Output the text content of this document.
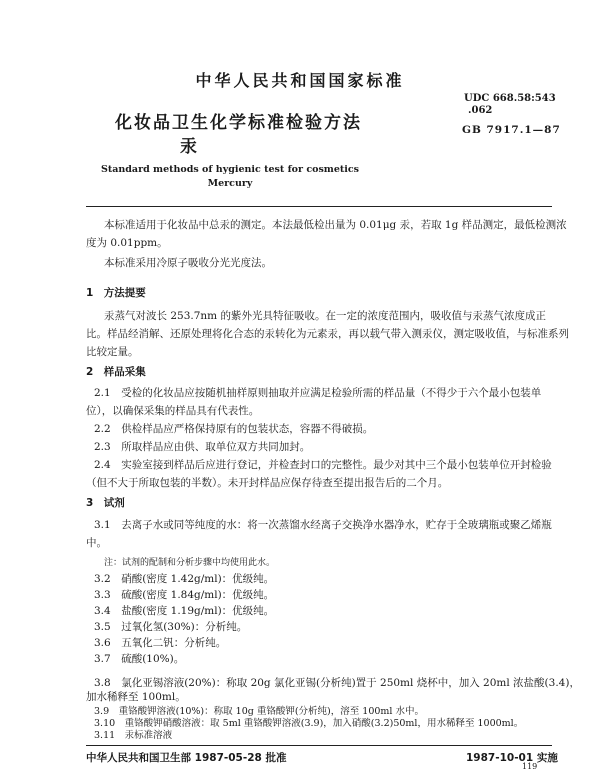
中华人民共和国国家标准
UDC 668.58:543
.062
GB 7917.1—87
化妆品卫生化学标准检验方法
汞
Standard methods of hygienic test for cosmetics
Mercury
本标准适用于化妆品中总汞的测定。本法最低检出量为 0.01μg 汞，若取 1g 样品测定，最低检测浓
度为 0.01ppm。
本标准采用冷原子吸收分光光度法。
1　方法提要
汞蒸气对波长 253.7nm 的紫外光具特征吸收。在一定的浓度范围内，吸收值与汞蒸气浓度成正
比。样品经消解、还原处理将化合态的汞转化为元素汞，再以载气带入测汞仪，测定吸收值，与标准系列
比较定量。
2　样品采集
2.1　受检的化妆品应按随机抽样原则抽取并应满足检验所需的样品量（不得少于六个最小包装单
位），以确保采集的样品具有代表性。
2.2　供检样品应严格保持原有的包装状态，容器不得破损。
2.3　所取样品应由供、取单位双方共同加封。
2.4　实验室接到样品后应进行登记，并检查封口的完整性。最少对其中三个最小包装单位开封检验
（但不大于所取包装的半数）。未开封样品应保存待查至提出报告后的二个月。
3　试剂
3.1　去离子水或同等纯度的水：将一次蒸馏水经离子交换净水器净水，贮存于全玻璃瓶或聚乙烯瓶
中。
注：试剂的配制和分析步骤中均使用此水。
3.2　硝酸(密度 1.42g/ml)：优级纯。
3.3　硫酸(密度 1.84g/ml)：优级纯。
3.4　盐酸(密度 1.19g/ml)：优级纯。
3.5　过氧化氢(30%)：分析纯。
3.6　五氧化二钒：分析纯。
3.7　硫酸(10%)。
3.8　氯化亚锡溶液(20%)：称取 20g 氯化亚锡(分析纯)置于 250ml 烧杯中，加入 20ml 浓盐酸(3.4)，
加水稀释至 100ml。
中华人民共和国卫生部 1987-05-28 批准	1987-10-01 实施
119
3.9　重铬酸钾溶液(10%)：称取 10g 重铬酸钾(分析纯)，溶至 100ml 水中。
3.10　重铬酸钾硝酸溶液：取 5ml 重铬酸钾溶液(3.9)，加入硝酸(3.2)50ml，用水稀释至 1000ml。
3.11　汞标准溶液
